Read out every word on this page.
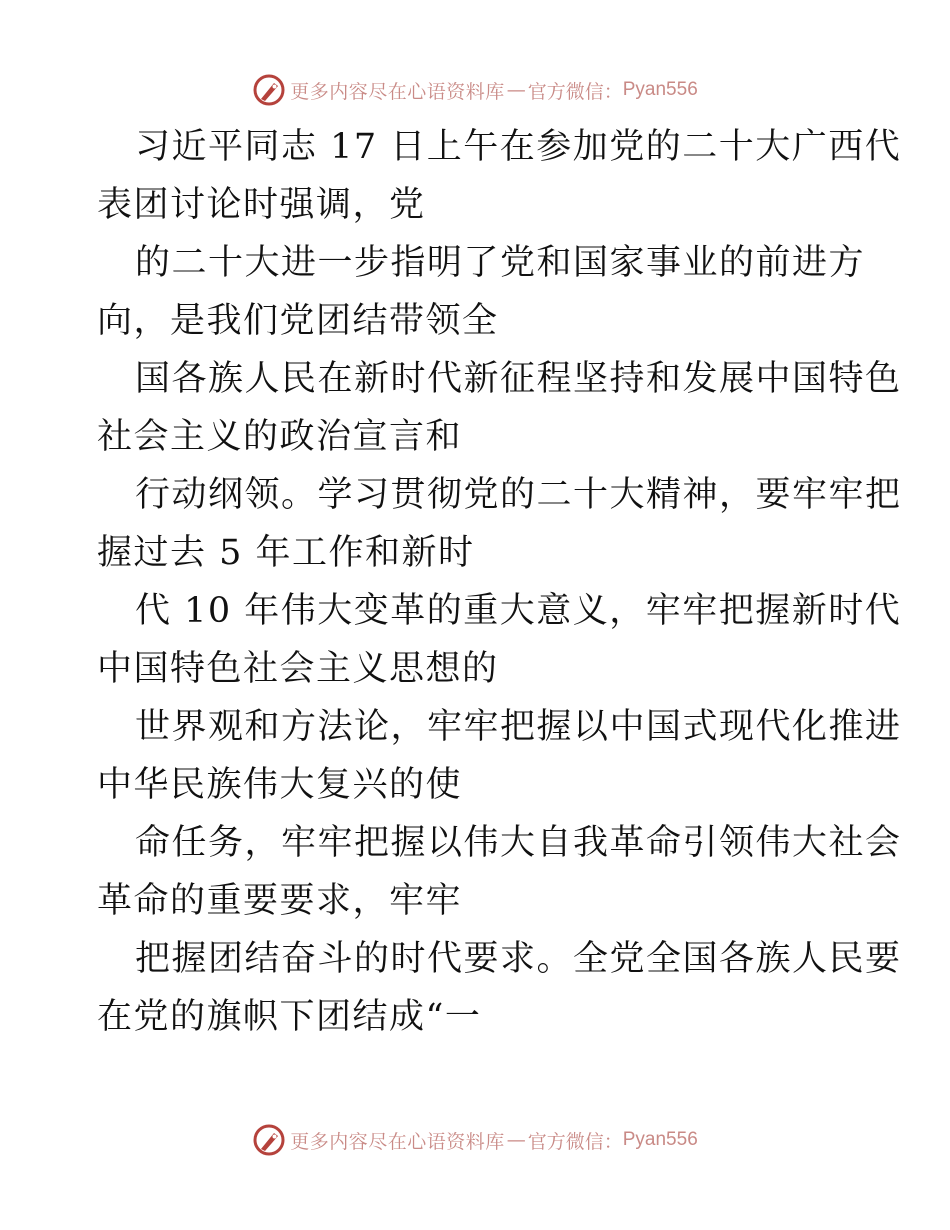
更多内容尽在心语资料库 — 官方微信： Pyan556
习近平同志 17 日上午在参加党的二十大广西代
表团讨论时强调，党
的二十大进一步指明了党和国家事业的前进方
向，是我们党团结带领全
国各族人民在新时代新征程坚持和发展中国特色
社会主义的政治宣言和
行动纲领。学习贯彻党的二十大精神，要牢牢把
握过去 5 年工作和新时
代 10 年伟大变革的重大意义，牢牢把握新时代
中国特色社会主义思想的
世界观和方法论，牢牢把握以中国式现代化推进
中华民族伟大复兴的使
命任务，牢牢把握以伟大自我革命引领伟大社会
革命的重要要求，牢牢
把握团结奋斗的时代要求。全党全国各族人民要
在党的旗帜下团结成“一
更多内容尽在心语资料库 — 官方微信： Pyan556
